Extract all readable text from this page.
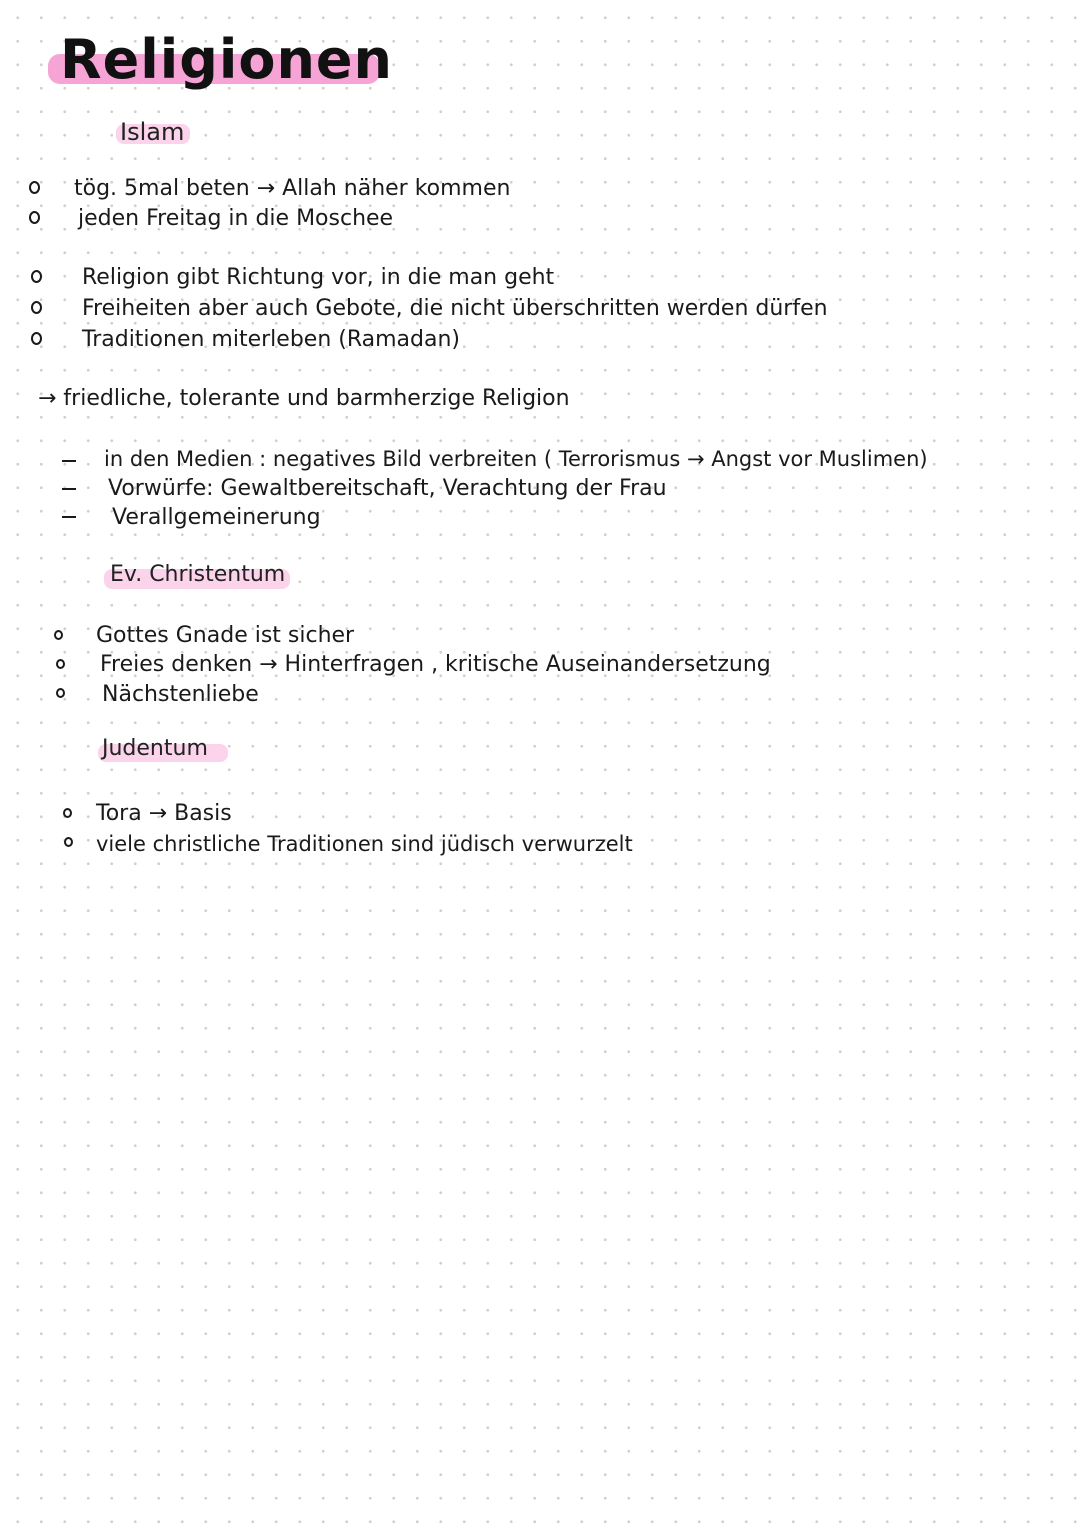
Religionen
Islam
tög. 5mal beten → Allah näher kommen
jeden Freitag in die Moschee
Religion gibt Richtung vor, in die man geht
Freiheiten aber auch Gebote, die nicht überschritten werden dürfen
Traditionen miterleben (Ramadan)
→ friedliche, tolerante und barmherzige Religion
in den Medien : negatives Bild verbreiten ( Terrorismus → Angst vor Muslimen)
Vorwürfe: Gewaltbereitschaft, Verachtung der Frau
Verallgemeinerung
Ev. Christentum
Gottes Gnade ist sicher
Freies denken → Hinterfragen , kritische Auseinandersetzung
Nächstenliebe
Judentum
Tora → Basis
viele christliche Traditionen sind jüdisch verwurzelt
